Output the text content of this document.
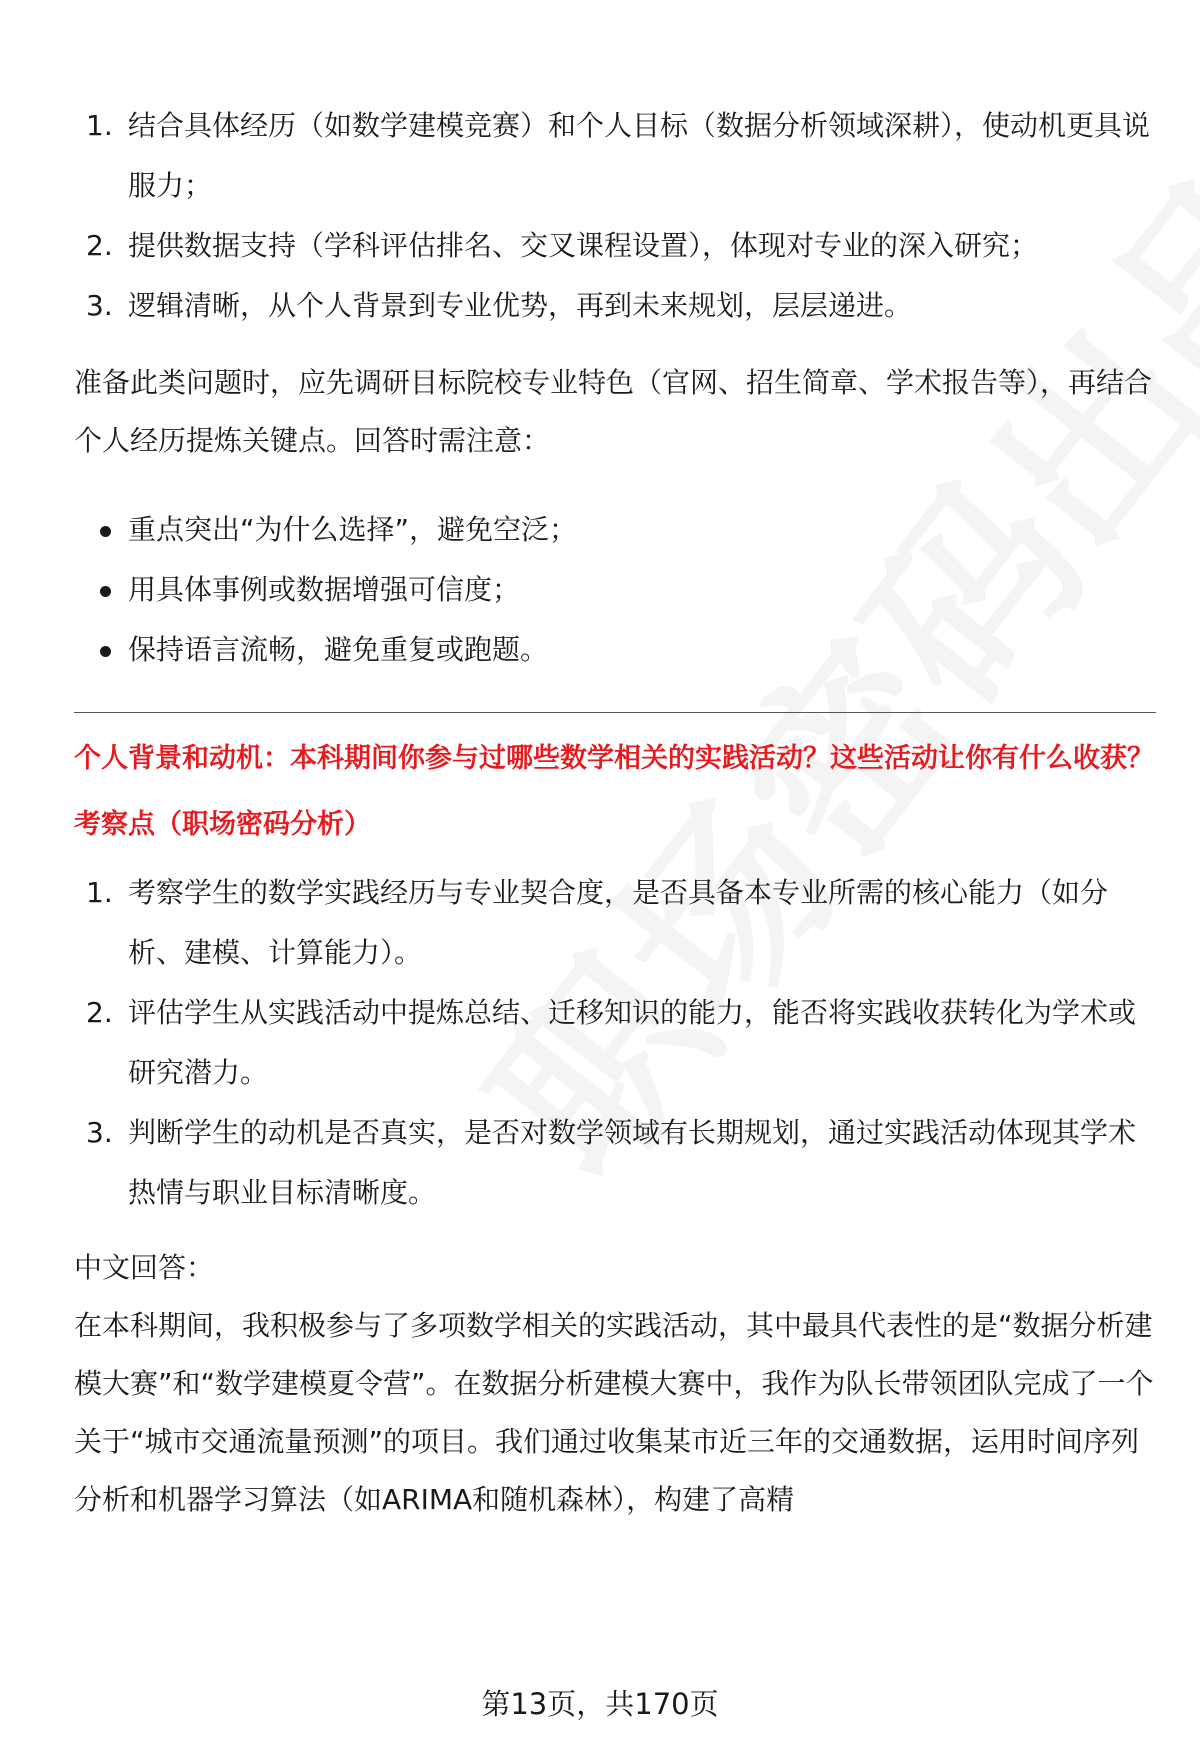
1. 结合具体经历（如数学建模竞赛）和个人目标（数据分析领域深耕），使动机更具说服力；

2. 提供数据支持（学科评估排名、交叉课程设置），体现对专业的深入研究；

3. 逻辑清晰，从个人背景到专业优势，再到未来规划，层层递进。

准备此类问题时，应先调研目标院校专业特色（官网、招生简章、学术报告等），再结合个人经历提炼关键点。回答时需注意：

重点突出“为什么选择”，避免空泛；

用具体事例或数据增强可信度；

保持语言流畅，避免重复或跑题。

个人背景和动机：本科期间你参与过哪些数学相关的实践活动？这些活动让你有什么收获？

考察点（职场密码分析）

1. 考察学生的数学实践经历与专业契合度，是否具备本专业所需的核心能力（如分析、建模、计算能力）。

2. 评估学生从实践活动中提炼总结、迁移知识的能力，能否将实践收获转化为学术或研究潜力。

3. 判断学生的动机是否真实，是否对数学领域有长期规划，通过实践活动体现其学术热情与职业目标清晰度。

中文回答：

在本科期间，我积极参与了多项数学相关的实践活动，其中最具代表性的是“数据分析建模大赛”和“数学建模夏令营”。在数据分析建模大赛中，我作为队长带领团队完成了一个关于“城市交通流量预测”的项目。我们通过收集某市近三年的交通数据，运用时间序列分析和机器学习算法（如ARIMA和随机森林），构建了高精

第13页，共170页
